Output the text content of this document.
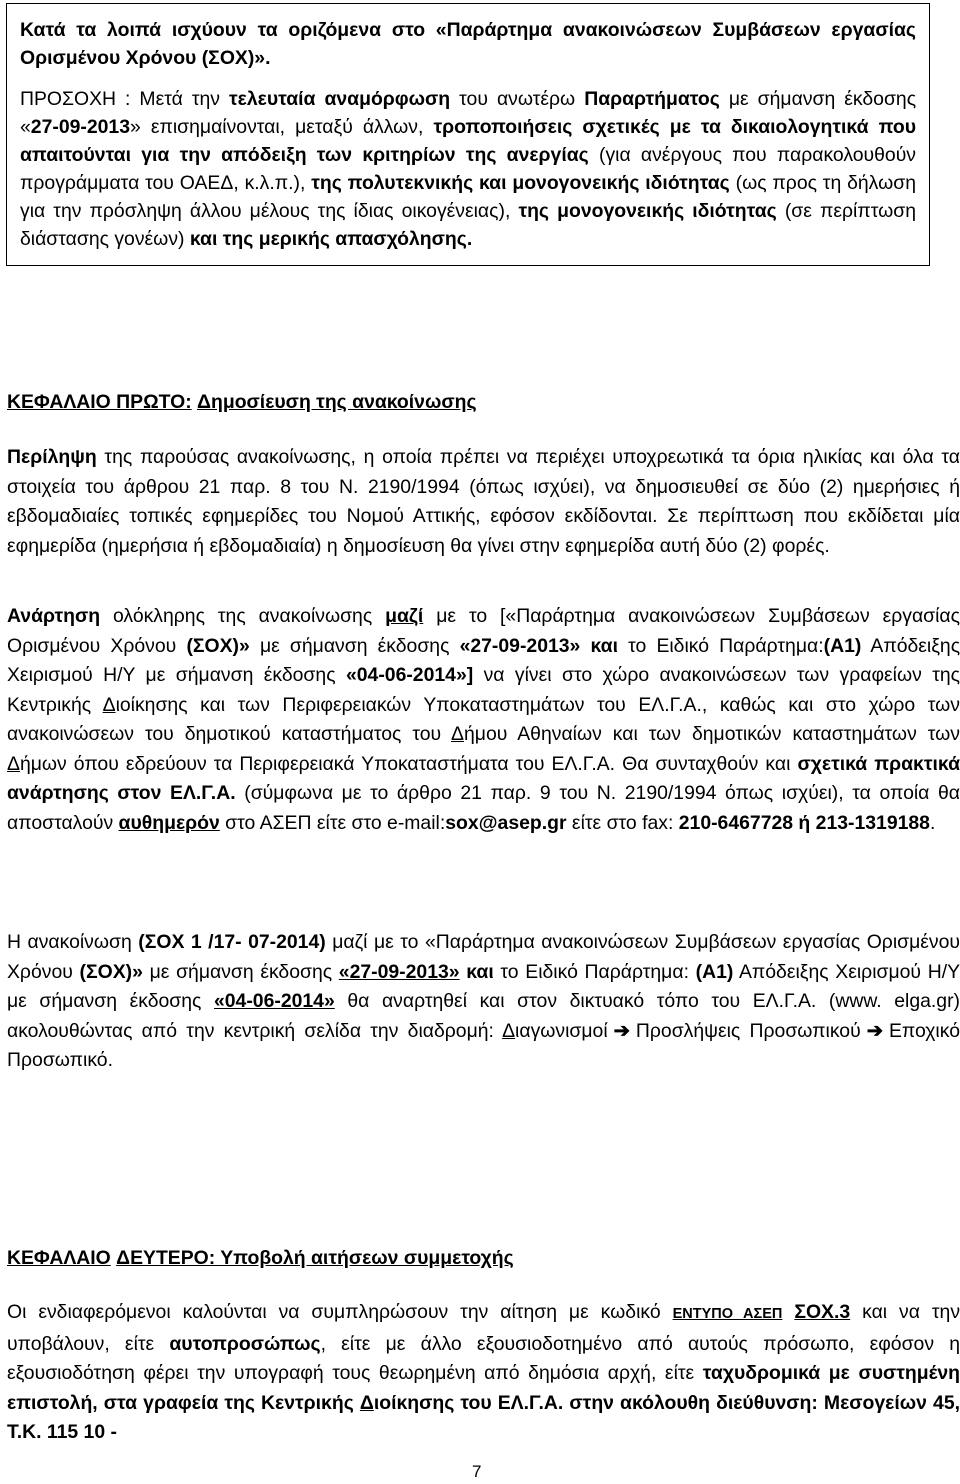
Κατά τα λοιπά ισχύουν τα οριζόμενα στο «Παράρτημα ανακοινώσεων Συμβάσεων εργασίας Ορισμένου Χρόνου (ΣΟΧ)».

ΠΡΟΣΟΧΗ : Μετά την τελευταία αναμόρφωση του ανωτέρω Παραρτήματος με σήμανση έκδοσης «27-09-2013» επισημαίνονται, μεταξύ άλλων, τροποποιήσεις σχετικές με τα δικαιολογητικά που απαιτούνται για την απόδειξη των κριτηρίων της ανεργίας (για ανέργους που παρακολουθούν προγράμματα του ΟΑΕΔ, κ.λ.π.), της πολυτεκνικής και μονογονεικής ιδιότητας (ως προς τη δήλωση για την πρόσληψη άλλου μέλους της ίδιας οικογένειας), της μονογονεικής ιδιότητας (σε περίπτωση διάστασης γονέων) και της μερικής απασχόλησης.

ΚΕΦΑΛΑΙΟ ΠΡΩΤΟ: Δημοσίευση της ανακοίνωσης

Περίληψη της παρούσας ανακοίνωσης, η οποία πρέπει να περιέχει υποχρεωτικά τα όρια ηλικίας και όλα τα στοιχεία του άρθρου 21 παρ. 8 του Ν. 2190/1994 (όπως ισχύει), να δημοσιευθεί σε δύο (2) ημερήσιες ή εβδομαδιαίες τοπικές εφημερίδες του Νομού Αττικής, εφόσον εκδίδονται. Σε περίπτωση που εκδίδεται μία εφημερίδα (ημερήσια ή εβδομαδιαία) η δημοσίευση θα γίνει στην εφημερίδα αυτή δύο (2) φορές.

Ανάρτηση ολόκληρης της ανακοίνωσης μαζί με το [«Παράρτημα ανακοινώσεων Συμβάσεων εργασίας Ορισμένου Χρόνου (ΣΟΧ)» με σήμανση έκδοσης «27-09-2013» και το Ειδικό Παράρτημα:(Α1) Απόδειξης Χειρισμού Η/Υ με σήμανση έκδοσης «04-06-2014»] να γίνει στο χώρο ανακοινώσεων των γραφείων της Κεντρικής Διοίκησης και των Περιφερειακών Υποκαταστημάτων του ΕΛ.Γ.Α., καθώς και στο χώρο των ανακοινώσεων του δημοτικού καταστήματος του Δήμου Αθηναίων και των δημοτικών καταστημάτων των Δήμων όπου εδρεύουν τα Περιφερειακά Υποκαταστήματα του ΕΛ.Γ.Α. Θα συνταχθούν και σχετικά πρακτικά ανάρτησης στον ΕΛ.Γ.Α. (σύμφωνα με το άρθρο 21 παρ. 9 του Ν. 2190/1994 όπως ισχύει), τα οποία θα αποσταλούν αυθημερόν στο ΑΣΕΠ είτε στο e-mail:sox@asep.gr είτε στο fax: 210-6467728 ή 213-1319188.

Η ανακοίνωση (ΣΟΧ 1 /17- 07-2014) μαζί με το «Παράρτημα ανακοινώσεων Συμβάσεων εργασίας Ορισμένου Χρόνου (ΣΟΧ)» με σήμανση έκδοσης «27-09-2013» και το Ειδικό Παράρτημα: (Α1) Απόδειξης Χειρισμού Η/Υ με σήμανση έκδοσης «04-06-2014» θα αναρτηθεί και στον δικτυακό τόπο του ΕΛ.Γ.Α. (www. elga.gr) ακολουθώντας από την κεντρική σελίδα την διαδρομή: Διαγωνισμοί ➔ Προσλήψεις Προσωπικού ➔ Εποχικό Προσωπικό.

ΚΕΦΑΛΑΙΟ ΔΕΥΤΕΡΟ: Υποβολή αιτήσεων συμμετοχής

Οι ενδιαφερόμενοι καλούνται να συμπληρώσουν την αίτηση με κωδικό ΕΝΤΥΠΟ ΑΣΕΠ ΣΟΧ.3 και να την υποβάλουν, είτε αυτοπροσώπως, είτε με άλλο εξουσιοδοτημένο από αυτούς πρόσωπο, εφόσον η εξουσιοδότηση φέρει την υπογραφή τους θεωρημένη από δημόσια αρχή, είτε ταχυδρομικά με συστημένη επιστολή, στα γραφεία της Κεντρικής Διοίκησης του ΕΛ.Γ.Α. στην ακόλουθη διεύθυνση: Μεσογείων 45, Τ.Κ. 115 10 -

7
